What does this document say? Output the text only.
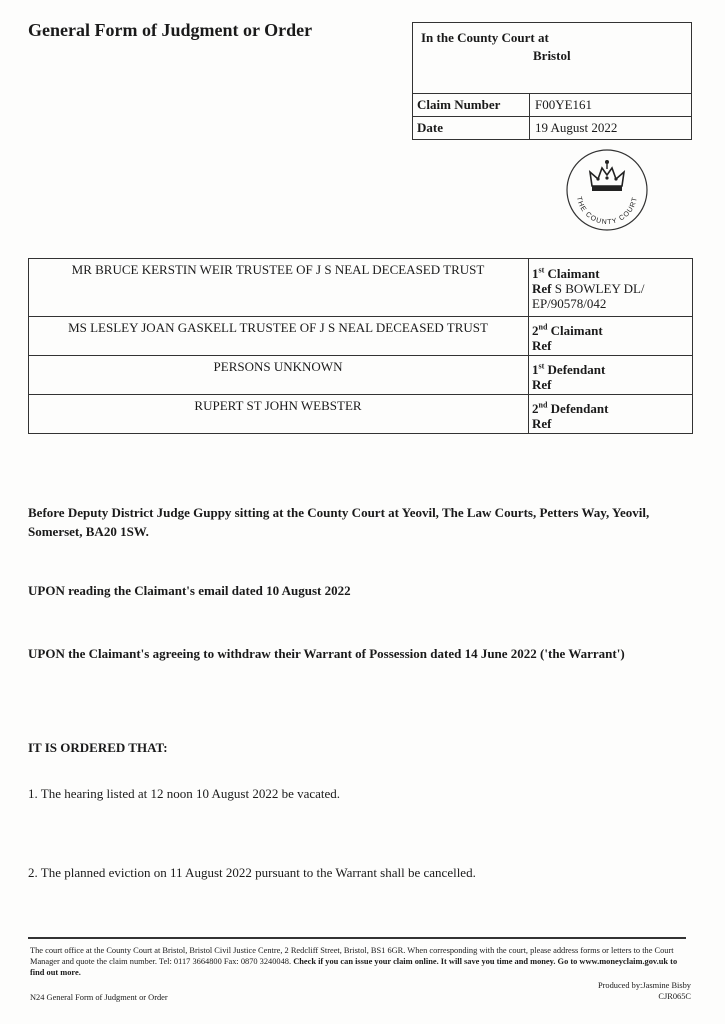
General Form of Judgment or Order	In the County Court at
Bristol
Claim Number	F00YE161
Date	19 August 2022
THE COUNTY COURT
MR BRUCE KERSTIN WEIR TRUSTEE OF J S NEAL DECEASED TRUST	1st Claimant
Ref S BOWLEY DL/
EP/90578/042
MS LESLEY JOAN GASKELL TRUSTEE OF J S NEAL DECEASED TRUST	2nd Claimant
Ref
PERSONS UNKNOWN	1st Defendant
Ref
RUPERT ST JOHN WEBSTER	2nd Defendant
Ref
Before Deputy District Judge Guppy sitting at the County Court at Yeovil, The Law Courts, Petters Way, Yeovil, Somerset, BA20 1SW.
UPON reading the Claimant's email dated 10 August 2022
UPON the Claimant's agreeing to withdraw their Warrant of Possession dated 14 June 2022 ('the Warrant')
IT IS ORDERED THAT:
1. The hearing listed at 12 noon 10 August 2022 be vacated.
2. The planned eviction on 11 August 2022 pursuant to the Warrant shall be cancelled.
The court office at the County Court at Bristol, Bristol Civil Justice Centre, 2 Redcliff Street, Bristol, BS1 6GR. When corresponding with the court, please address forms or letters to the Court Manager and quote the claim number. Tel: 0117 3664800 Fax: 0870 3240048. Check if you can issue your claim online. It will save you time and money. Go to www.moneyclaim.gov.uk to find out more.
Produced by:Jasmine Bisby
CJR065C
N24 General Form of Judgment or Order
